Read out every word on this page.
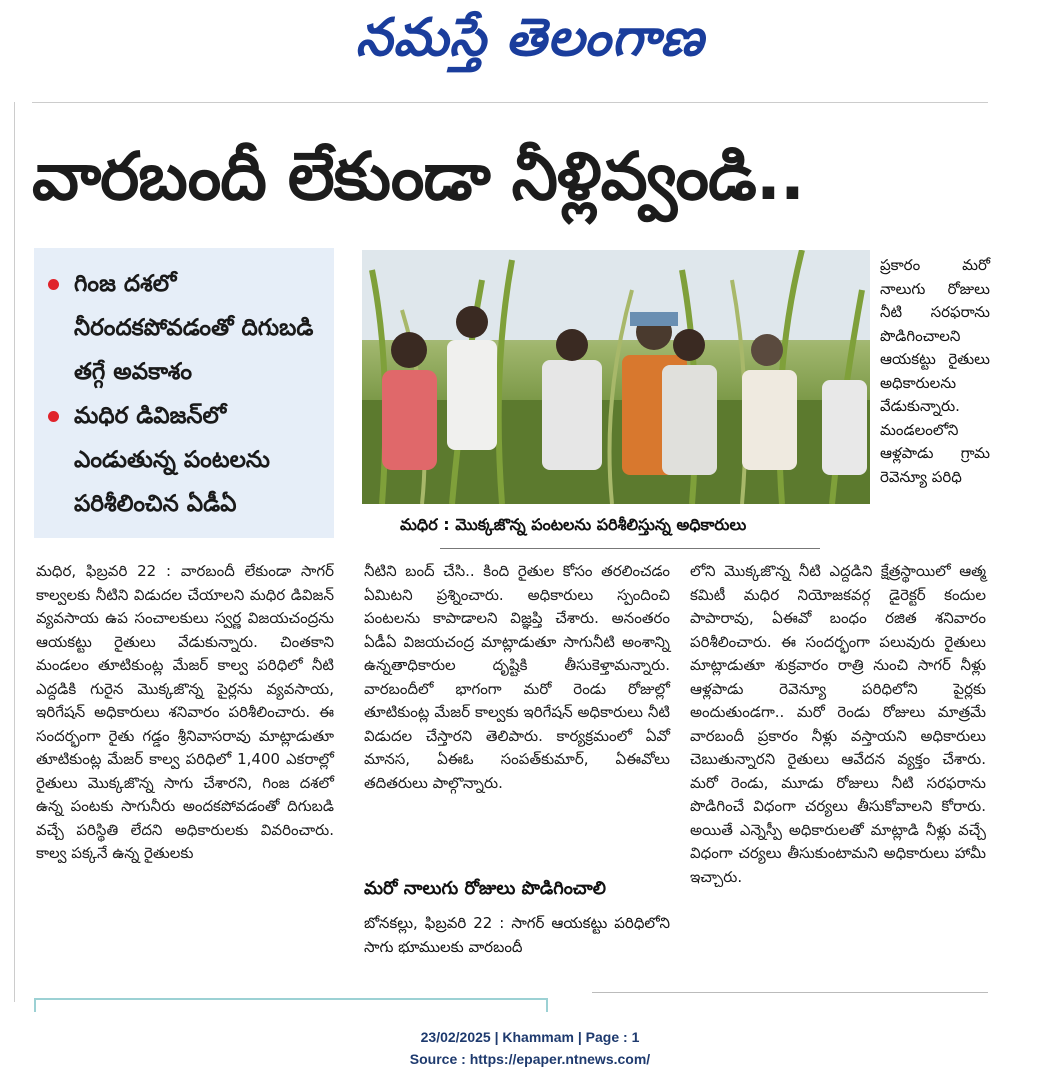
నమస్తే తెలంగాణ
వారబందీ లేకుండా నీళ్లివ్వండి..
గింజ దశలో నీరందకపోవడంతో దిగుబడి తగ్గే అవకాశం
మధిర డివిజన్‌లో ఎండుతున్న పంటలను పరిశీలించిన ఏడీఏ
మధిర : మొక్కజొన్న పంటలను పరిశీలిస్తున్న అధికారులు
ప్రకారం మరో నాలుగు రోజులు నీటి సరఫరాను పొడిగించాలని ఆయకట్టు రైతులు అధికారులను వేడుకున్నారు. మండలంలోని ఆళ్లపాడు గ్రామ రెవెన్యూ పరిధి

మధిర, ఫిబ్రవరి 22 : వారబందీ లేకుండా సాగర్ కాల్వలకు నీటిని విడుదల చేయాలని మధిర డివిజన్ వ్యవసాయ ఉప సంచాలకులు స్వర్ణ విజయచంద్రను ఆయకట్టు రైతులు వేడుకున్నారు. చింతకాని మండలం తూటికుంట్ల మేజర్ కాల్వ పరిధిలో నీటి ఎద్దడికి గురైన మొక్కజొన్న పైర్లను వ్యవసాయ, ఇరిగేషన్ అధికారులు శనివారం పరిశీలించారు. ఈ సందర్భంగా రైతు గడ్డం శ్రీనివాసరావు మాట్లాడుతూ తూటికుంట్ల మేజర్ కాల్వ పరిధిలో 1,400 ఎకరాల్లో రైతులు మొక్కజొన్న సాగు చేశారని, గింజ దశలో ఉన్న పంటకు సాగునీరు అందకపోవడంతో దిగుబడి వచ్చే పరిస్థితి లేదని అధికారులకు వివరించారు. కాల్వ పక్కనే ఉన్న రైతులకు

నీటిని బంద్ చేసి.. కింది రైతుల కోసం తరలించడం ఏమిటని ప్రశ్నించారు. అధికారులు స్పందించి పంటలను కాపాడాలని విజ్ఞప్తి చేశారు. అనంతరం ఏడీఏ విజయచంద్ర మాట్లాడుతూ సాగునీటి అంశాన్ని ఉన్నతాధికారుల దృష్టికి తీసుకెళ్తామన్నారు. వారబందీలో భాగంగా మరో రెండు రోజుల్లో తూటికుంట్ల మేజర్ కాల్వకు ఇరిగేషన్ అధికారులు నీటి విడుదల చేస్తారని తెలిపారు. కార్యక్రమంలో ఏవో మానస, ఏఈఓ సంపత్‌కుమార్, ఏఈవోలు తదితరులు పాల్గొన్నారు.

మరో నాలుగు రోజులు పొడిగించాలి
బోనకల్లు, ఫిబ్రవరి 22 : సాగర్ ఆయకట్టు పరిధిలోని సాగు భూములకు వారబందీ

లోని మొక్కజొన్న నీటి ఎద్దడిని క్షేత్రస్థాయిలో ఆత్మ కమిటీ మధిర నియోజకవర్గ డైరెక్టర్ కందుల పాపారావు, ఏఈవో బంధం రజిత శనివారం పరిశీలించారు. ఈ సందర్భంగా పలువురు రైతులు మాట్లాడుతూ శుక్రవారం రాత్రి నుంచి సాగర్ నీళ్లు ఆళ్లపాడు రెవెన్యూ పరిధిలోని పైర్లకు అందుతుండగా.. మరో రెండు రోజులు మాత్రమే వారబందీ ప్రకారం నీళ్లు వస్తాయని అధికారులు చెబుతున్నారని రైతులు ఆవేదన వ్యక్తం చేశారు. మరో రెండు, మూడు రోజులు నీటి సరఫరాను పొడిగించే విధంగా చర్యలు తీసుకోవాలని కోరారు. అయితే ఎన్నెస్పీ అధికారులతో మాట్లాడి నీళ్లు వచ్చే విధంగా చర్యలు తీసుకుంటామని అధికారులు హామీ ఇచ్చారు.

23/02/2025 | Khammam | Page : 1
Source : https://epaper.ntnews.com/
